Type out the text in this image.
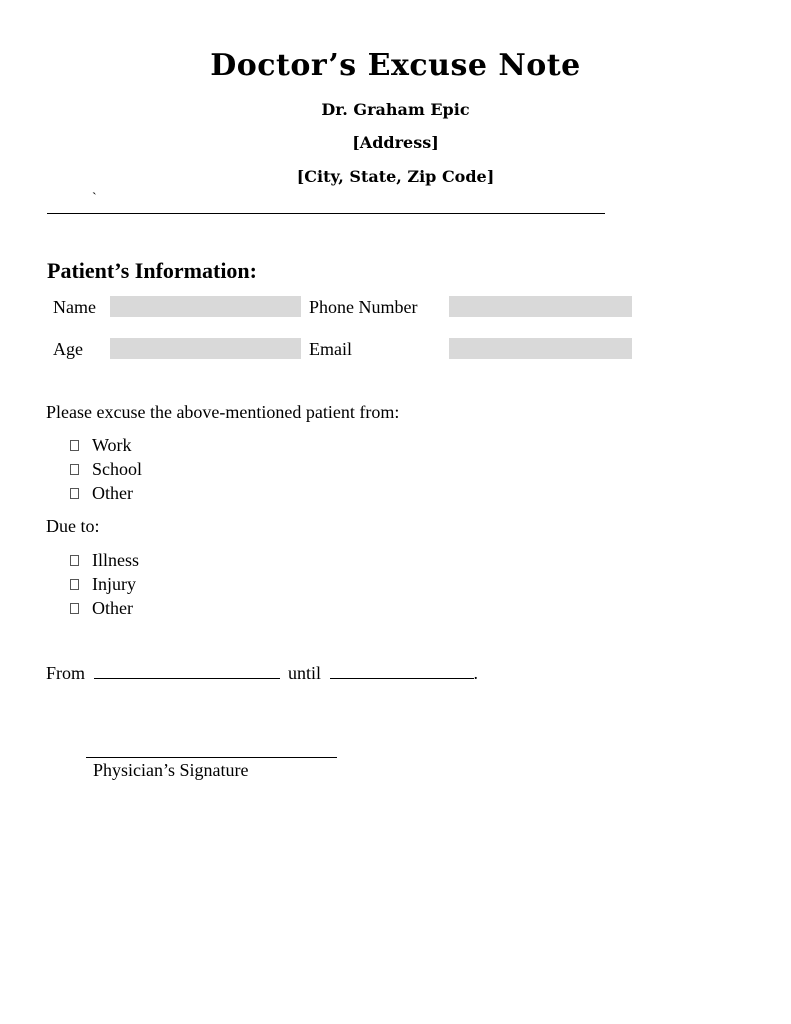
Doctor’s Excuse Note
Dr. Graham Epic
[Address]
[City, State, Zip Code]
`
Patient’s Information:
Name	Phone Number
Age	Email
Please excuse the above-mentioned patient from:
Work
School
Other
Due to:
Illness
Injury
Other
From	until	.
Physician’s Signature
